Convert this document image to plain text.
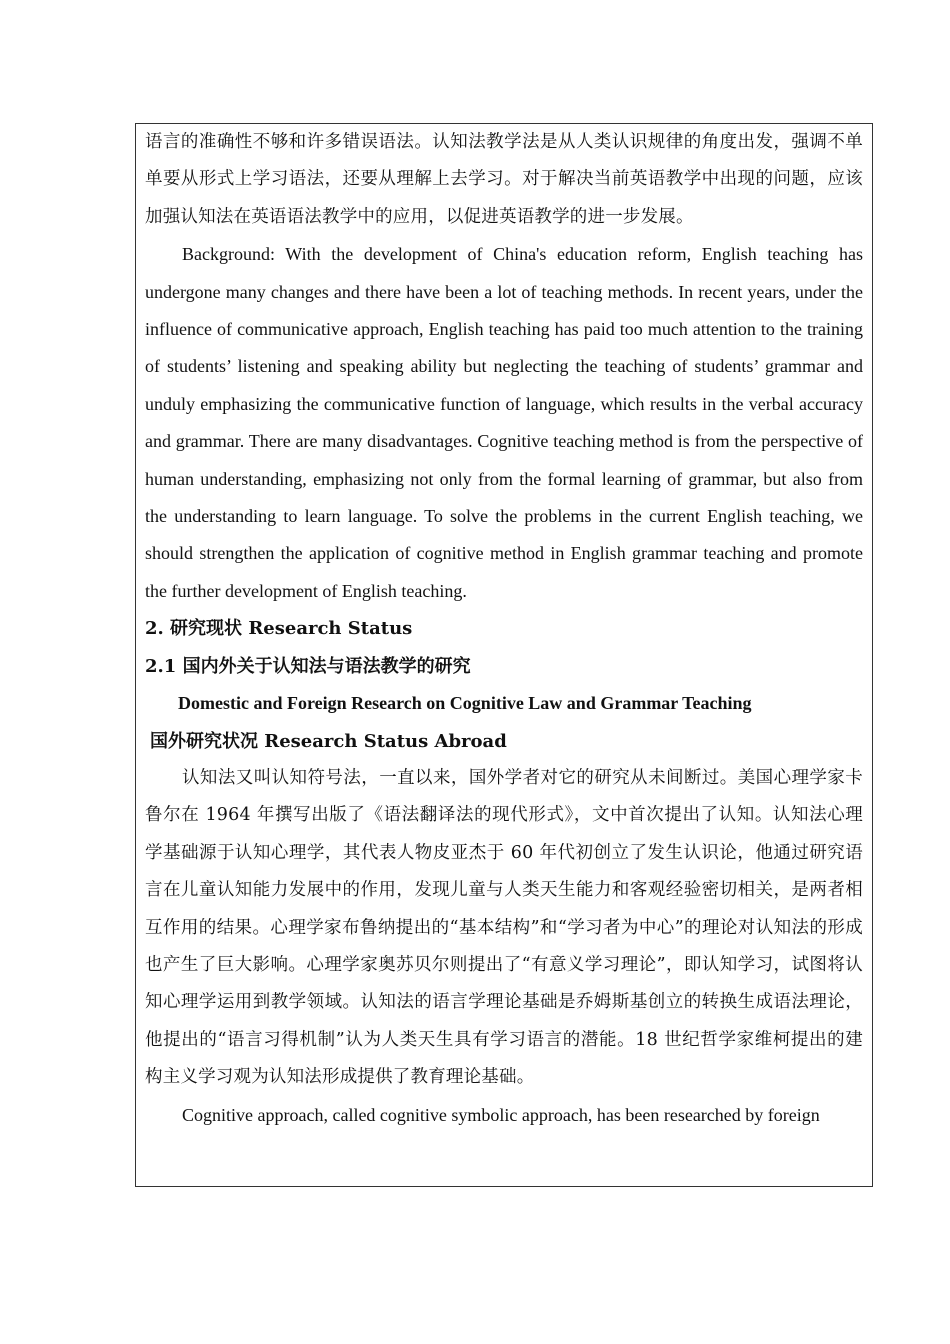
语言的准确性不够和许多错误语法。认知法教学法是从人类认识规律的角度出发，强调不单单要从形式上学习语法，还要从理解上去学习。对于解决当前英语教学中出现的问题，应该加强认知法在英语语法教学中的应用，以促进英语教学的进一步发展。

Background: With the development of China's education reform, English teaching has undergone many changes and there have been a lot of teaching methods. In recent years, under the influence of communicative approach, English teaching has paid too much attention to the training of students’ listening and speaking ability but neglecting the teaching of students’ grammar and unduly emphasizing the communicative function of language, which results in the verbal accuracy and grammar. There are many disadvantages. Cognitive teaching method is from the perspective of human understanding, emphasizing not only from the formal learning of grammar, but also from the understanding to learn language. To solve the problems in the current English teaching, we should strengthen the application of cognitive method in English grammar teaching and promote the further development of English teaching.

2. 研究现状 Research Status

2.1 国内外关于认知法与语法教学的研究

Domestic and Foreign Research on Cognitive Law and Grammar Teaching

国外研究状况 Research Status Abroad

认知法又叫认知符号法，一直以来，国外学者对它的研究从未间断过。美国心理学家卡鲁尔在 1964 年撰写出版了《语法翻译法的现代形式》，文中首次提出了认知。认知法心理学基础源于认知心理学，其代表人物皮亚杰于 60 年代初创立了发生认识论，他通过研究语言在儿童认知能力发展中的作用，发现儿童与人类天生能力和客观经验密切相关，是两者相互作用的结果。心理学家布鲁纳提出的“基本结构”和“学习者为中心”的理论对认知法的形成也产生了巨大影响。心理学家奥苏贝尔则提出了“有意义学习理论”，即认知学习，试图将认知心理学运用到教学领域。认知法的语言学理论基础是乔姆斯基创立的转换生成语法理论，他提出的“语言习得机制”认为人类天生具有学习语言的潜能。18 世纪哲学家维柯提出的建构主义学习观为认知法形成提供了教育理论基础。

Cognitive approach, called cognitive symbolic approach, has been researched by foreign
